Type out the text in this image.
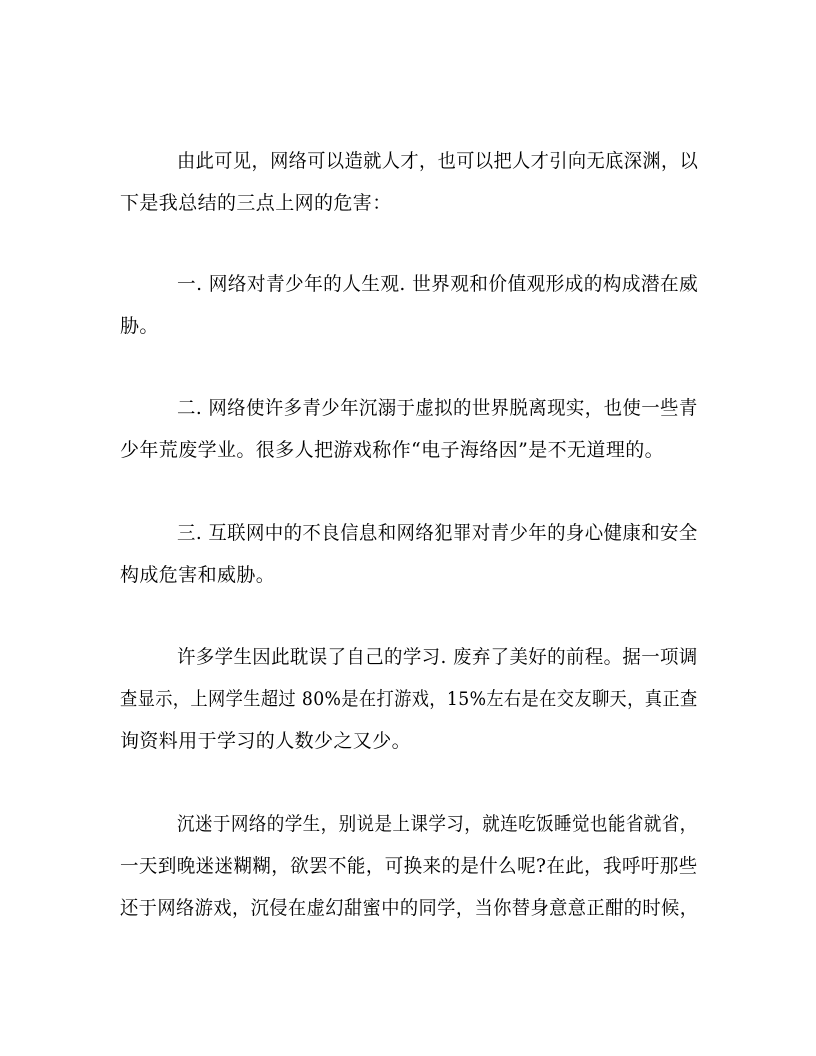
由此可见，网络可以造就人才，也可以把人才引向无底深渊，以
下是我总结的三点上网的危害：
一. 网络对青少年的人生观. 世界观和价值观形成的构成潜在威
胁。
二. 网络使许多青少年沉溺于虚拟的世界脱离现实，也使一些青
少年荒废学业。很多人把游戏称作“电子海络因”是不无道理的。
三. 互联网中的不良信息和网络犯罪对青少年的身心健康和安全
构成危害和威胁。
许多学生因此耽误了自己的学习. 废弃了美好的前程。据一项调
查显示，上网学生超过 80%是在打游戏，15%左右是在交友聊天，真正查
询资料用于学习的人数少之又少。
沉迷于网络的学生，别说是上课学习，就连吃饭睡觉也能省就省，
一天到晚迷迷糊糊，欲罢不能，可换来的是什么呢?在此，我呼吁那些
还于网络游戏，沉侵在虚幻甜蜜中的同学，当你替身意意正酣的时候，
